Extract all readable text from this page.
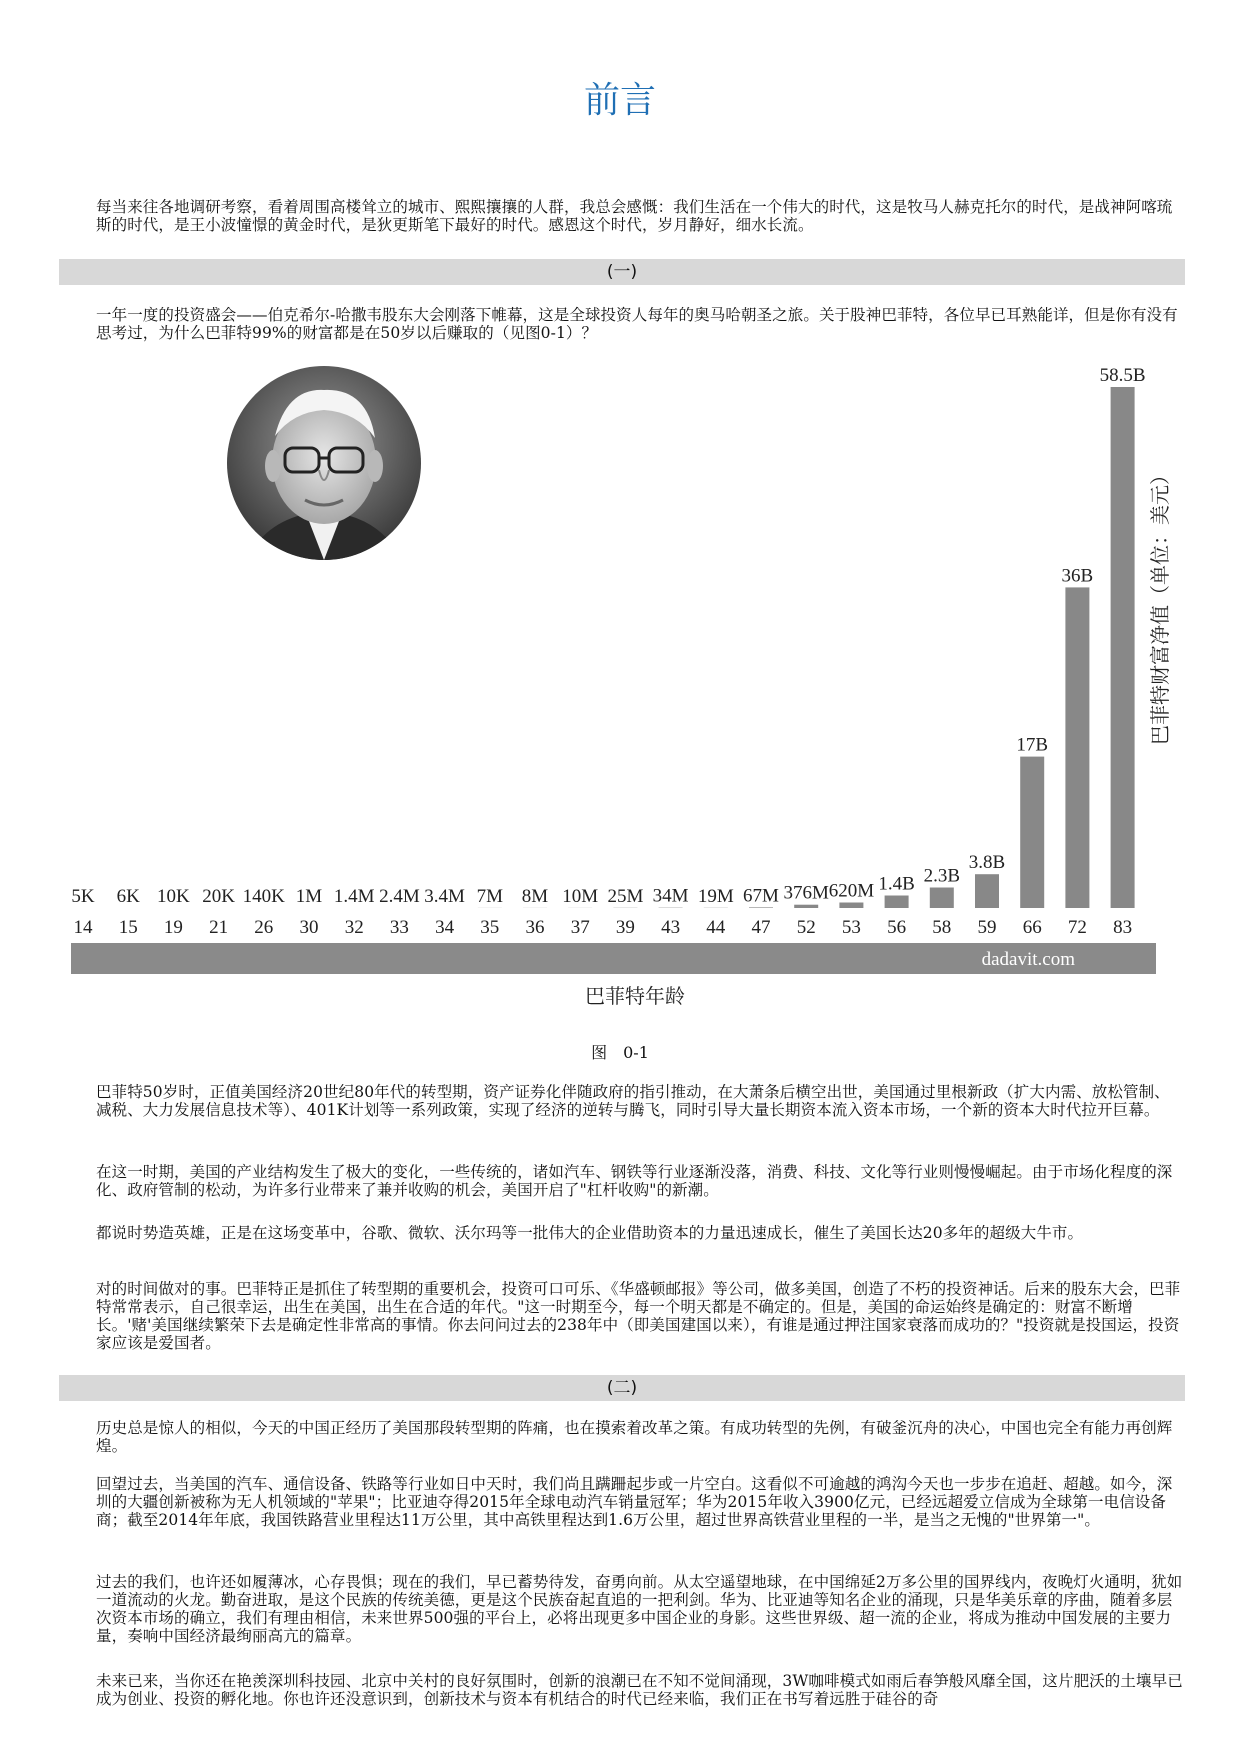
前言

每当来往各地调研考察，看着周围高楼耸立的城市、熙熙攘攘的人群，我总会感慨：我们生活在一个伟大的时代，这是牧马人赫克托尔的时代，是战神阿喀琉斯的时代，是王小波憧憬的黄金时代，是狄更斯笔下最好的时代。感恩这个时代，岁月静好，细水长流。

(一)

一年一度的投资盛会——伯克希尔-哈撒韦股东大会刚落下帷幕，这是全球投资人每年的奥马哈朝圣之旅。关于股神巴菲特，各位早已耳熟能详，但是你有没有思考过，为什么巴菲特99%的财富都是在50岁以后赚取的（见图0-1）？

5K 6K 10K 20K 140K 1M 1.4M 2.4M 3.4M 7M 8M 10M 25M 34M 19M 67M 376M 620M 1.4B 2.3B
3.8B
17B
36B
58.5B
14 15 19 21 26 30 32 33 34 35 36 37 39 43 44 47 52 53 56 58 59 66 72 83
dadavit.com
巴菲特年龄
巴菲特财富净值（单位：美元）
图　0-1

巴菲特50岁时，正值美国经济20世纪80年代的转型期，资产证券化伴随政府的指引推动，在大萧条后横空出世，美国通过里根新政（扩大内需、放松管制、减税、大力发展信息技术等）、401K计划等一系列政策，实现了经济的逆转与腾飞，同时引导大量长期资本流入资本市场，一个新的资本大时代拉开巨幕。

在这一时期，美国的产业结构发生了极大的变化，一些传统的，诸如汽车、钢铁等行业逐渐没落，消费、科技、文化等行业则慢慢崛起。由于市场化程度的深化、政府管制的松动，为许多行业带来了兼并收购的机会，美国开启了"杠杆收购"的新潮。

都说时势造英雄，正是在这场变革中，谷歌、微软、沃尔玛等一批伟大的企业借助资本的力量迅速成长，催生了美国长达20多年的超级大牛市。

对的时间做对的事。巴菲特正是抓住了转型期的重要机会，投资可口可乐、《华盛顿邮报》等公司，做多美国，创造了不朽的投资神话。后来的股东大会，巴菲特常常表示，自己很幸运，出生在美国，出生在合适的年代。"这一时期至今，每一个明天都是不确定的。但是，美国的命运始终是确定的：财富不断增长。'赌'美国继续繁荣下去是确定性非常高的事情。你去问问过去的238年中（即美国建国以来），有谁是通过押注国家衰落而成功的？"投资就是投国运，投资家应该是爱国者。

(二)

历史总是惊人的相似，今天的中国正经历了美国那段转型期的阵痛，也在摸索着改革之策。有成功转型的先例，有破釜沉舟的决心，中国也完全有能力再创辉煌。

回望过去，当美国的汽车、通信设备、铁路等行业如日中天时，我们尚且蹒跚起步或一片空白。这看似不可逾越的鸿沟今天也一步步在追赶、超越。如今，深圳的大疆创新被称为无人机领域的"苹果"；比亚迪夺得2015年全球电动汽车销量冠军；华为2015年收入3900亿元，已经远超爱立信成为全球第一电信设备商；截至2014年年底，我国铁路营业里程达11万公里，其中高铁里程达到1.6万公里，超过世界高铁营业里程的一半，是当之无愧的"世界第一"。

过去的我们，也许还如履薄冰，心存畏惧；现在的我们，早已蓄势待发，奋勇向前。从太空遥望地球，在中国绵延2万多公里的国界线内，夜晚灯火通明，犹如一道流动的火龙。勤奋进取，是这个民族的传统美德，更是这个民族奋起直追的一把利剑。华为、比亚迪等知名企业的涌现，只是华美乐章的序曲，随着多层次资本市场的确立，我们有理由相信，未来世界500强的平台上，必将出现更多中国企业的身影。这些世界级、超一流的企业，将成为推动中国发展的主要力量，奏响中国经济最绚丽高亢的篇章。

未来已来，当你还在艳羡深圳科技园、北京中关村的良好氛围时，创新的浪潮已在不知不觉间涌现，3W咖啡模式如雨后春笋般风靡全国，这片肥沃的土壤早已成为创业、投资的孵化地。你也许还没意识到，创新技术与资本有机结合的时代已经来临，我们正在书写着远胜于硅谷的奇
